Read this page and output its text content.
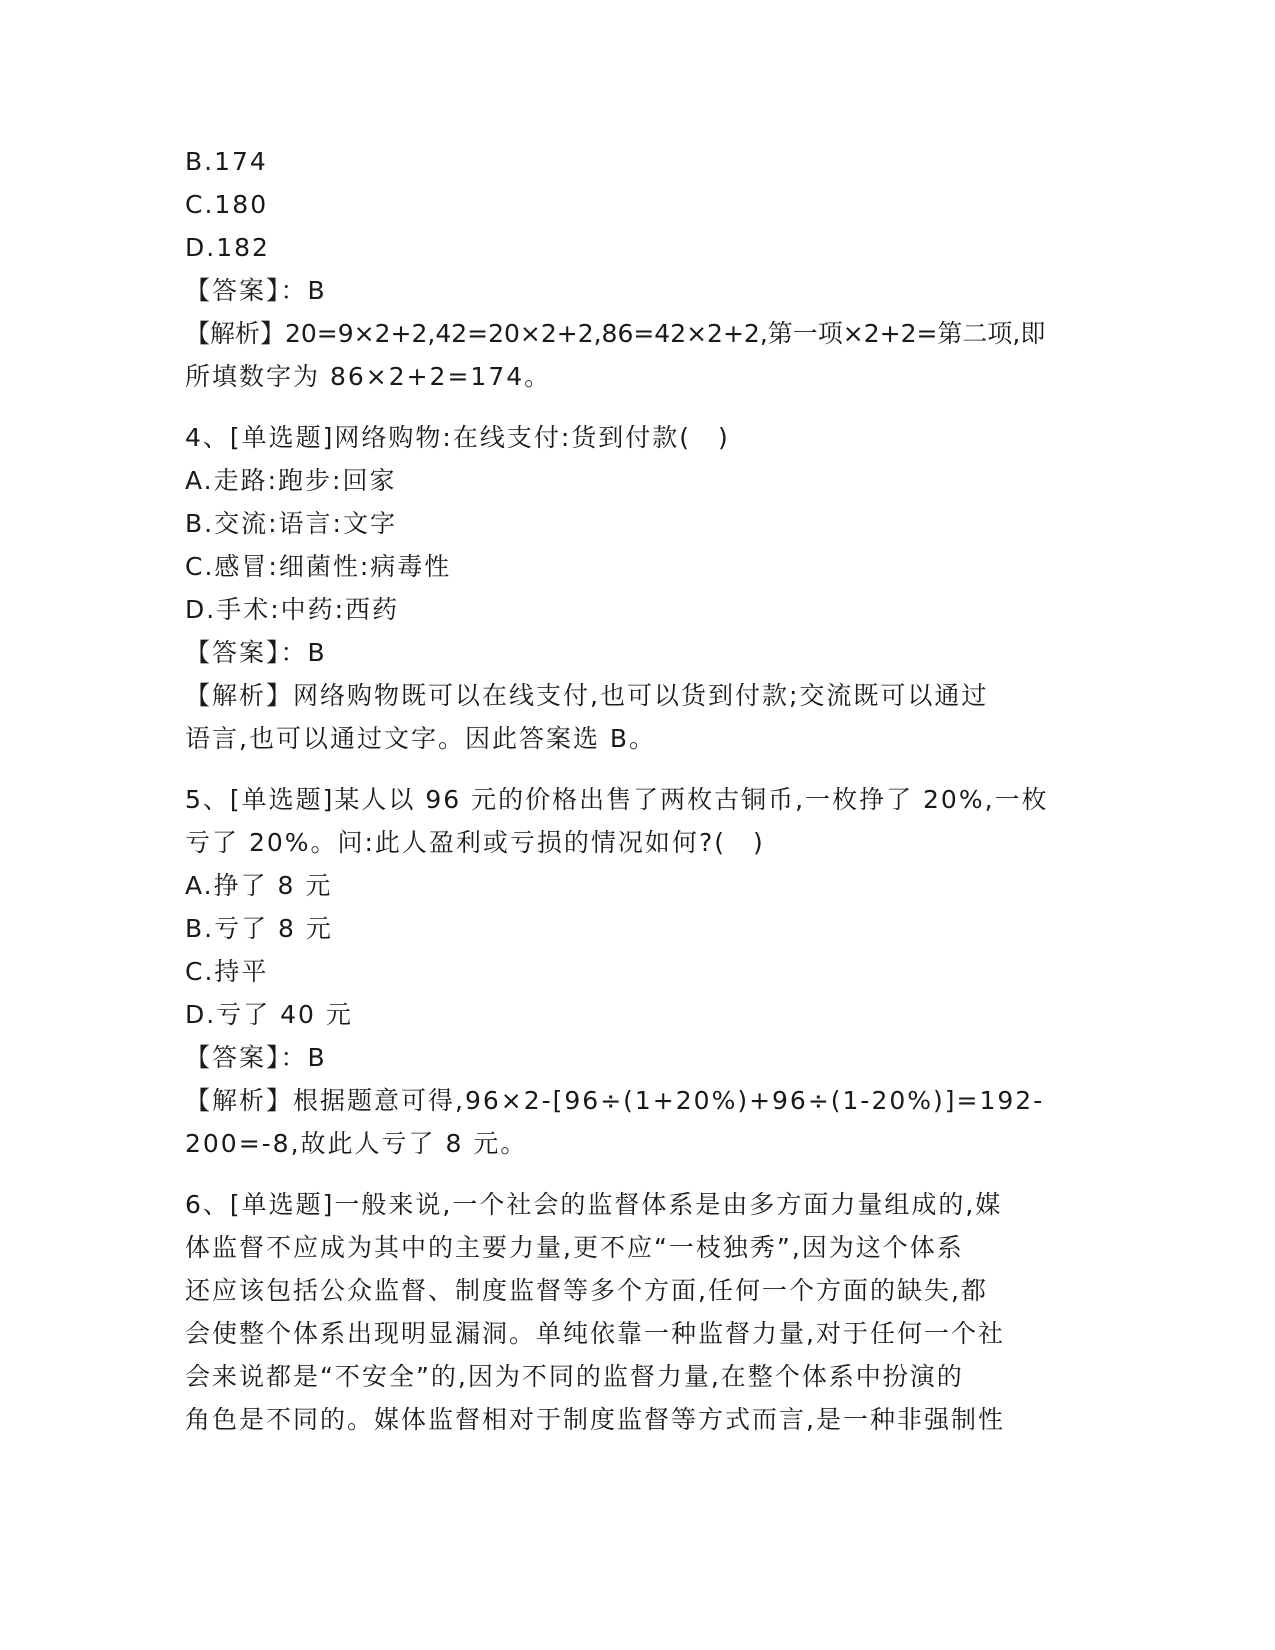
B.174
C.180
D.182
【答案】：B
【解析】20=9×2+2,42=20×2+2,86=42×2+2,第一项×2+2=第二项,即
所填数字为 86×2+2=174。
4、[单选题]网络购物:在线支付:货到付款(　)
A.走路:跑步:回家
B.交流:语言:文字
C.感冒:细菌性:病毒性
D.手术:中药:西药
【答案】：B
【解析】网络购物既可以在线支付,也可以货到付款;交流既可以通过
语言,也可以通过文字。因此答案选 B。
5、[单选题]某人以 96 元的价格出售了两枚古铜币,一枚挣了 20%,一枚
亏了 20%。问:此人盈利或亏损的情况如何?(　)
A.挣了 8 元
B.亏了 8 元
C.持平
D.亏了 40 元
【答案】：B
【解析】根据题意可得,96×2-[96÷(1+20%)+96÷(1-20%)]=192-
200=-8,故此人亏了 8 元。
6、[单选题]一般来说,一个社会的监督体系是由多方面力量组成的,媒
体监督不应成为其中的主要力量,更不应“一枝独秀”,因为这个体系
还应该包括公众监督、制度监督等多个方面,任何一个方面的缺失,都
会使整个体系出现明显漏洞。单纯依靠一种监督力量,对于任何一个社
会来说都是“不安全”的,因为不同的监督力量,在整个体系中扮演的
角色是不同的。媒体监督相对于制度监督等方式而言,是一种非强制性
